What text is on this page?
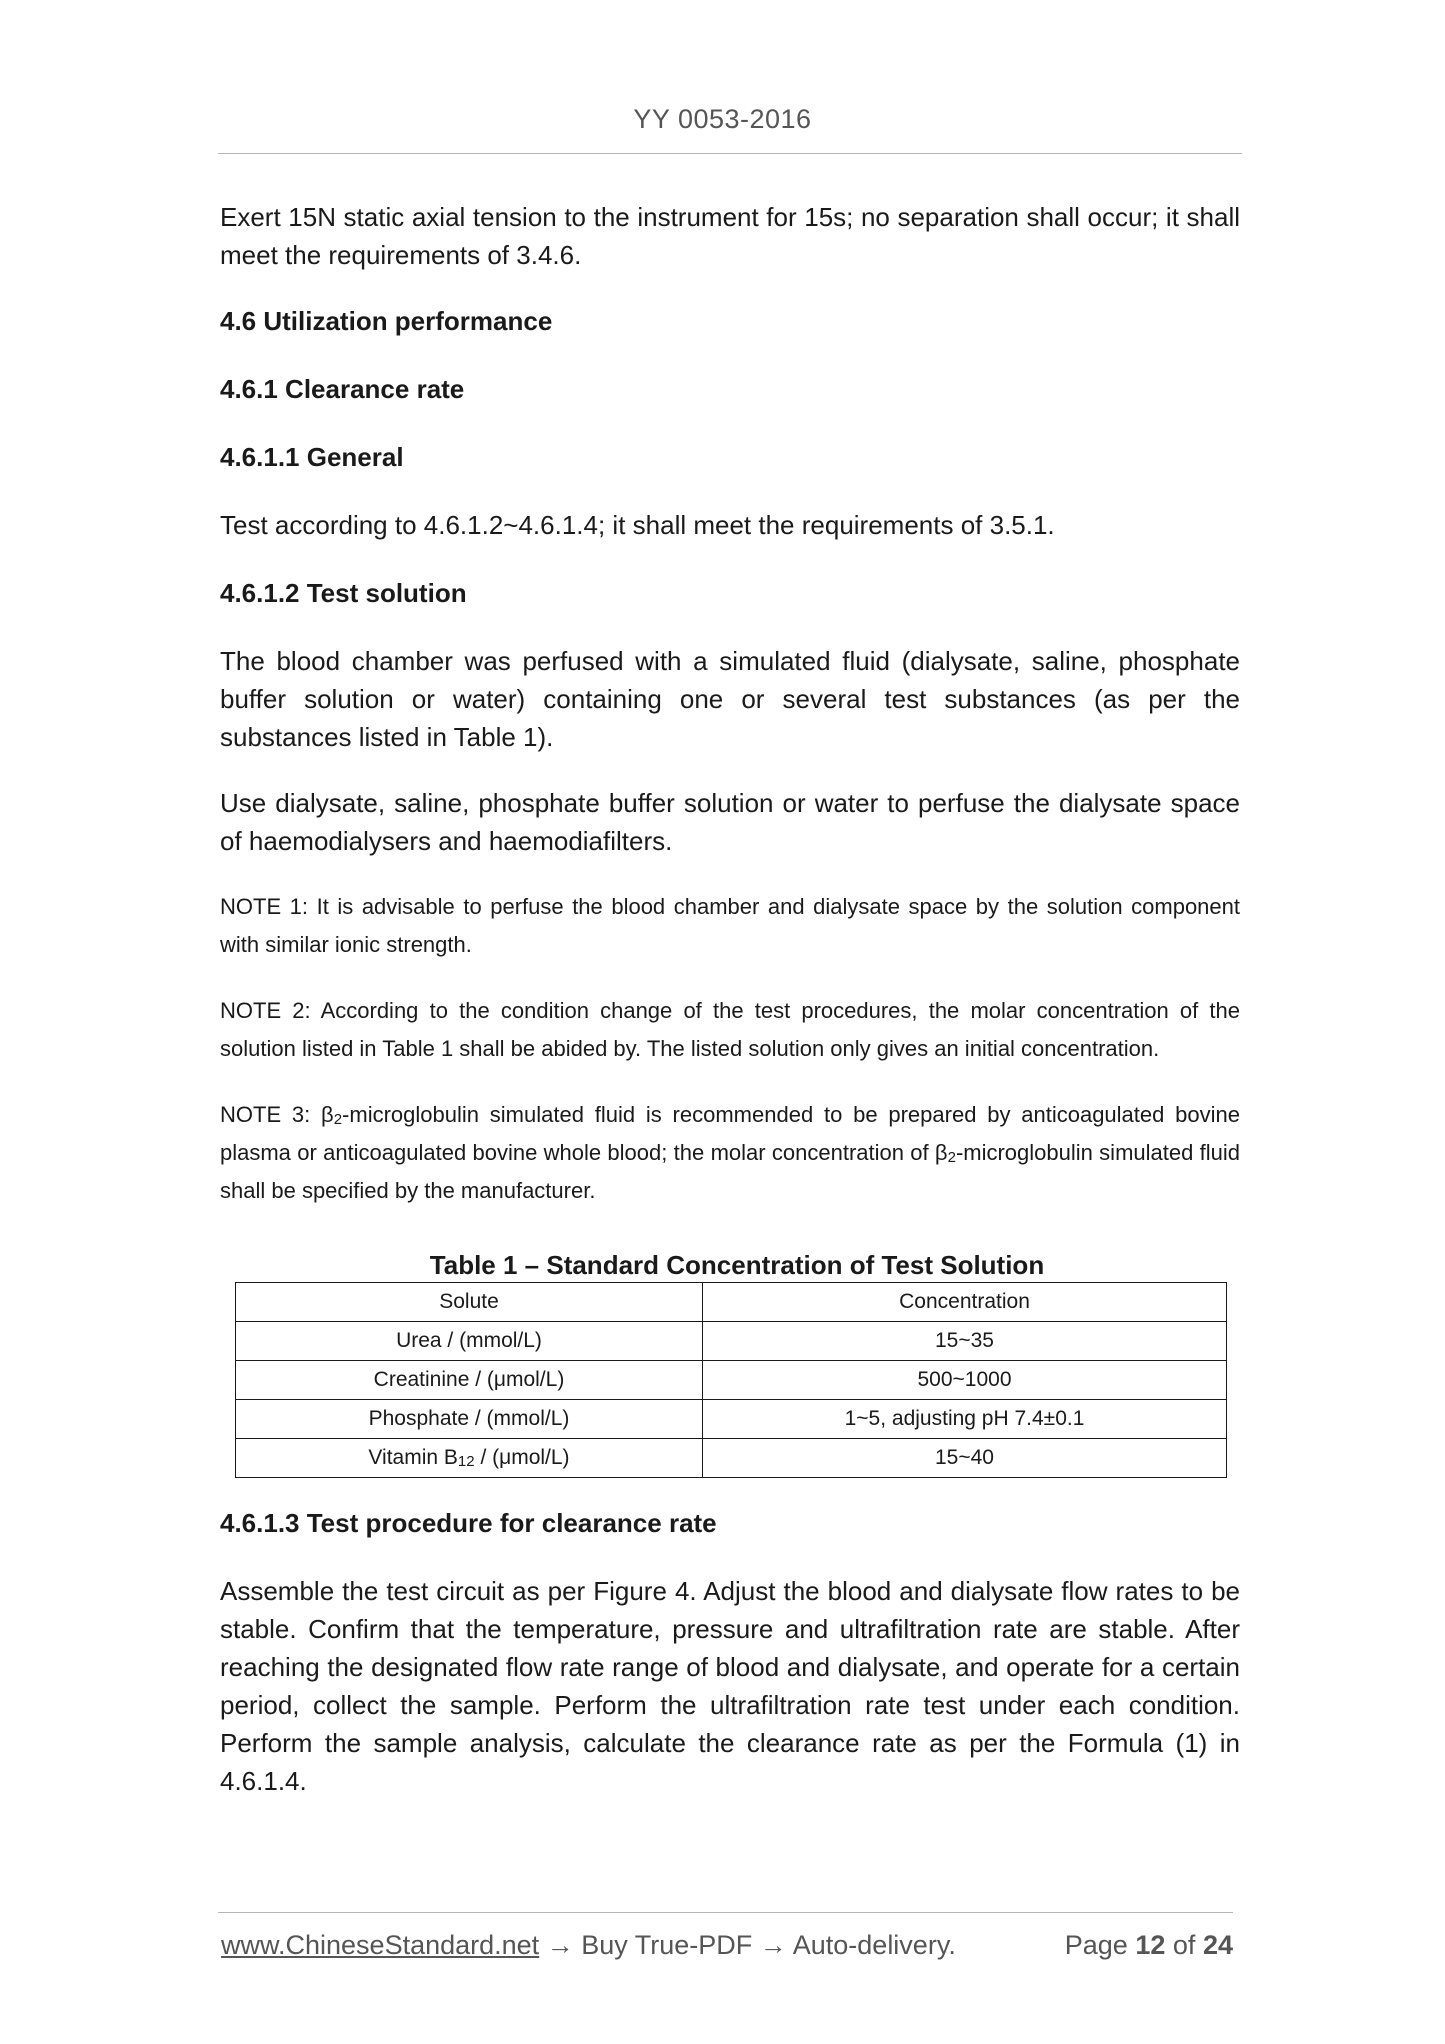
YY 0053-2016

Exert 15N static axial tension to the instrument for 15s; no separation shall occur; it shall meet the requirements of 3.4.6.

4.6 Utilization performance

4.6.1 Clearance rate

4.6.1.1 General

Test according to 4.6.1.2~4.6.1.4; it shall meet the requirements of 3.5.1.

4.6.1.2 Test solution

The blood chamber was perfused with a simulated fluid (dialysate, saline, phosphate buffer solution or water) containing one or several test substances (as per the substances listed in Table 1).

Use dialysate, saline, phosphate buffer solution or water to perfuse the dialysate space of haemodialysers and haemodiafilters.

NOTE 1: It is advisable to perfuse the blood chamber and dialysate space by the solution component with similar ionic strength.

NOTE 2: According to the condition change of the test procedures, the molar concentration of the solution listed in Table 1 shall be abided by. The listed solution only gives an initial concentration.

NOTE 3: β2-microglobulin simulated fluid is recommended to be prepared by anticoagulated bovine plasma or anticoagulated bovine whole blood; the molar concentration of β2-microglobulin simulated fluid shall be specified by the manufacturer.

Table 1 – Standard Concentration of Test Solution

Solute	Concentration
Urea / (mmol/L)	15~35
Creatinine / (μmol/L)	500~1000
Phosphate / (mmol/L)	1~5, adjusting pH 7.4±0.1
Vitamin B12 / (μmol/L)	15~40

4.6.1.3 Test procedure for clearance rate

Assemble the test circuit as per Figure 4. Adjust the blood and dialysate flow rates to be stable. Confirm that the temperature, pressure and ultrafiltration rate are stable. After reaching the designated flow rate range of blood and dialysate, and operate for a certain period, collect the sample. Perform the ultrafiltration rate test under each condition. Perform the sample analysis, calculate the clearance rate as per the Formula (1) in 4.6.1.4.

www.ChineseStandard.net → Buy True-PDF → Auto-delivery.	Page 12 of 24
